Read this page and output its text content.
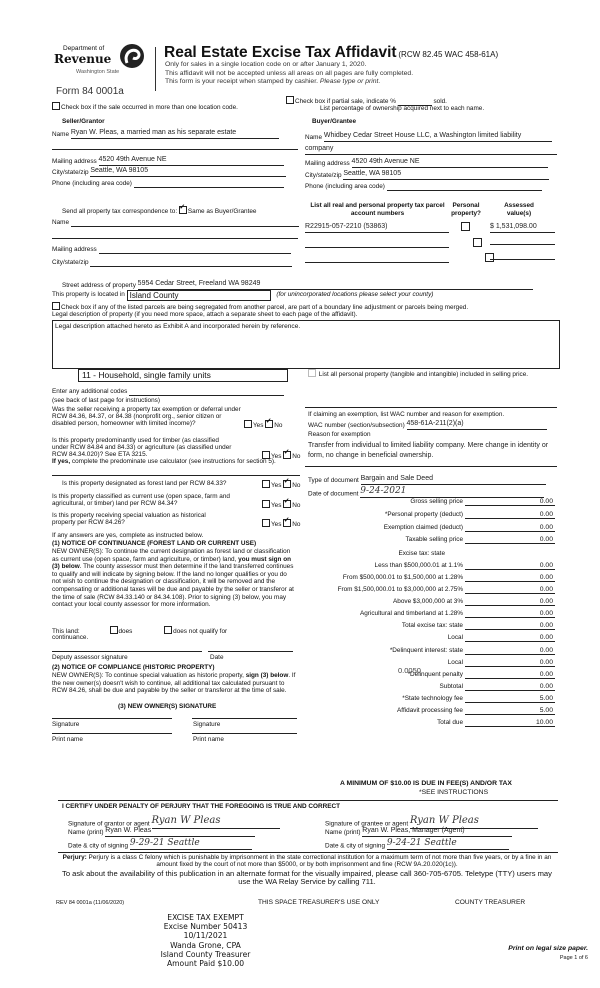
Department of
Revenue
Washington State
Form 84 0001a
Real Estate Excise Tax Affidavit (RCW 82.45 WAC 458-61A)
Only for sales in a single location code on or after January 1, 2020.
This affidavit will not be accepted unless all areas on all pages are fully completed.
This form is your receipt when stamped by cashier. Please type or print.
Check box if the sale occurred in more than one location code.
Check box if partial sale, indicate %	sold.
List percentage of ownership acquired next to each name.
Seller/Grantor
Name Ryan W. Pleas, a married man as his separate estate
Mailing address 4520 49th Avenue NE
City/state/zip Seattle, WA 98105
Phone (including area code)
Buyer/Grantee
Name Whidbey Cedar Street House LLC, a Washington limited liability
company
Mailing address 4520 49th Avenue NE
City/state/zip Seattle, WA 98105
Phone (including area code)
Send all property tax correspondence to: ✓ Same as Buyer/Grantee
Name
Mailing address
City/state/zip
List all real and personal property tax parcel account numbers
Personal property?
Assessed value(s)
R22915-057-2210 (53863)
	$ 1,531,098.00

Street address of property 5954 Cedar Street, Freeland WA 98249
This property is located in Island County	(for unincorporated locations please select your county)
Check box if any of the listed parcels are being segregated from another parcel, are part of a boundary line adjustment or parcels being merged.
Legal description of property (if you need more space, attach a separate sheet to each page of the affidavit).
Legal description attached hereto as Exhibit A and incorporated herein by reference.
11 - Household, single family units
Enter any additional codes
(see back of last page for instructions)
Was the seller receiving a property tax exemption or deferral under RCW 84.36, 84.37, or 84.38 (nonprofit org., senior citizen or disabled person, homeowner with limited income)?	Yes ✓ No
Is this property predominantly used for timber (as classified under RCW 84.84 and 84.33) or agriculture (as classified under RCW 84.34.020)? See ETA 3215.	Yes ✓ No
If yes, complete the predominate use calculator (see instructions for section 5).
Is this property designated as forest land per RCW 84.33?	Yes ✓ No
Is this property classified as current use (open space, farm and agricultural, or timber) land per RCW 84.34?	Yes ✓ No
Is this property receiving special valuation as historical property per RCW 84.26?	Yes ✓ No
If any answers are yes, complete as instructed below.
(1) NOTICE OF CONTINUANCE (FOREST LAND OR CURRENT USE)
NEW OWNER(S): To continue the current designation as forest land or classification as current use (open space, farm and agriculture, or timber) land, you must sign on (3) below. The county assessor must then determine if the land transferred continues to qualify and will indicate by signing below. If the land no longer qualifies or you do not wish to continue the designation or classification, it will be removed and the compensating or additional taxes will be due and payable by the seller or transferor at the time of sale (RCW 84.33.140 or 84.34.108). Prior to signing (3) below, you may contact your local county assessor for more information.
This land:	does	does not qualify for
continuance.
Deputy assessor signature	Date
(2) NOTICE OF COMPLIANCE (HISTORIC PROPERTY)
NEW OWNER(S): To continue special valuation as historic property, sign (3) below. If the new owner(s) doesn't wish to continue, all additional tax calculated pursuant to RCW 84.26, shall be due and payable by the seller or transferor at the time of sale.
(3) NEW OWNER(S) SIGNATURE
Signature	Signature
Print name	Print name
List all personal property (tangible and intangible) included in selling price.
If claiming an exemption, list WAC number and reason for exemption.
WAC number (section/subsection) 458-61A-211(2)(a)
Reason for exemption
Transfer from individual to limited liability company. Mere change in identity or form, no change in beneficial ownership.
Type of document Bargain and Sale Deed
Date of document 9-24-2021
Gross selling price	0.00
*Personal property (deduct)	0.00
Exemption claimed (deduct)	0.00
Taxable selling price	0.00
Excise tax: state
Less than $500,000.01 at 1.1%	0.00
From $500,000.01 to $1,500,000 at 1.28%	0.00
From $1,500,000.01 to $3,000,000 at 2.75%	0.00
Above $3,000,000 at 3%	0.00
Agricultural and timberland at 1.28%	0.00
Total excise tax: state	0.00
Local	0.00
*Delinquent interest: state	0.00
Local	0.00
*Delinquent penalty	0.00
Subtotal	0.00
*State technology fee	5.00
Affidavit processing fee	5.00
Total due	10.00
0.0050
A MINIMUM OF $10.00 IS DUE IN FEE(S) AND/OR TAX
*SEE INSTRUCTIONS
I CERTIFY UNDER PENALTY OF PERJURY THAT THE FOREGOING IS TRUE AND CORRECT
Signature of grantor or agent Ryan W Pleas
Name (print) Ryan W. Pleas
Date & city of signing 9-29-21 Seattle
Signature of grantee or agent Ryan W Pleas
Name (print) Ryan W. Pleas, Manager (Agent)
Date & city of signing 9-24-21 Seattle
Perjury: Perjury is a class C felony which is punishable by imprisonment in the state correctional institution for a maximum term of not more than five years, or by a fine in an amount fixed by the court of not more than $5000, or by both imprisonment and fine (RCW 9A.20.020(1c)).
To ask about the availability of this publication in an alternate format for the visually impaired, please call 360-705-6705. Teletype (TTY) users may use the WA Relay Service by calling 711.
REV 84 0001a (11/06/2020)	THIS SPACE TREASURER'S USE ONLY	COUNTY TREASURER
EXCISE TAX EXEMPT
Excise Number 50413
10/11/2021
Wanda Grone, CPA
Island County Treasurer
Amount Paid $10.00
Print on legal size paper.
Page 1 of 6
